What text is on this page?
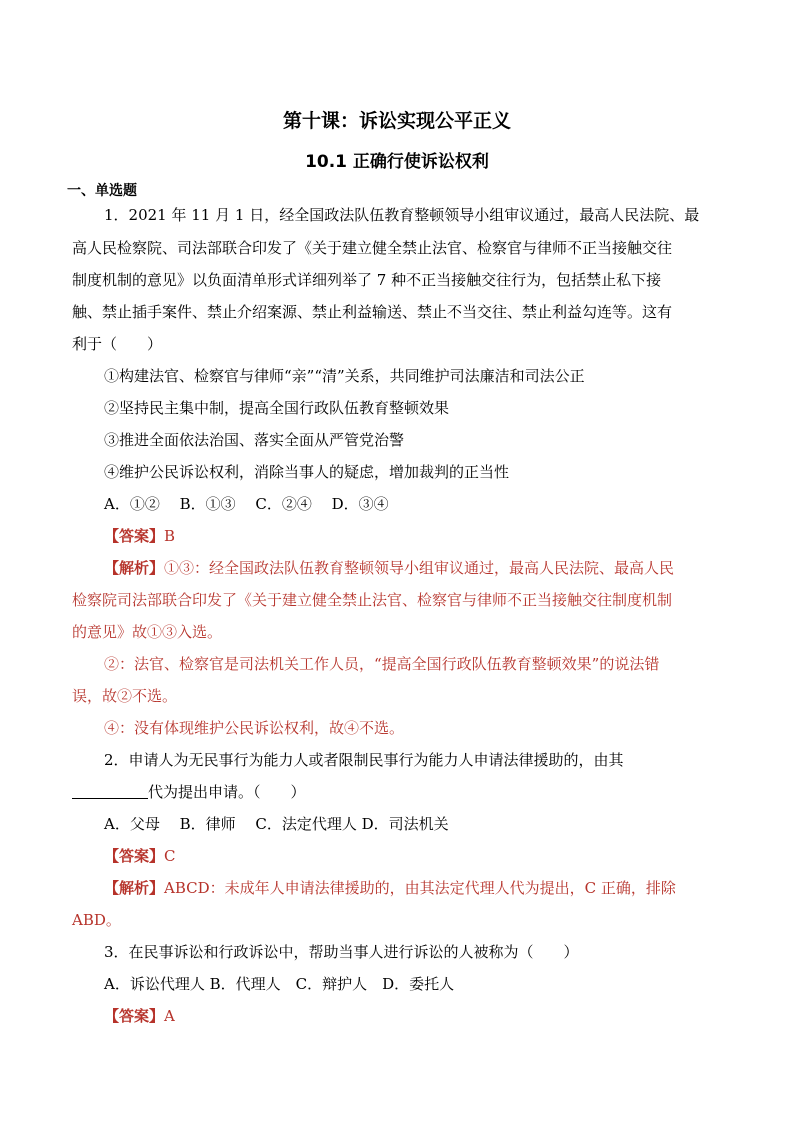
第十课：诉讼实现公平正义
10.1 正确行使诉讼权利
一、单选题
1．2021 年 11 月 1 日，经全国政法队伍教育整顿领导小组审议通过，最高人民法院、最
高人民检察院、司法部联合印发了《关于建立健全禁止法官、检察官与律师不正当接触交往
制度机制的意见》以负面清单形式详细列举了 7 种不正当接触交往行为，包括禁止私下接
触、禁止插手案件、禁止介绍案源、禁止利益输送、禁止不当交往、禁止利益勾连等。这有
利于（　　）
①构建法官、检察官与律师“亲”“清”关系，共同维护司法廉洁和司法公正
②坚持民主集中制，提高全国行政队伍教育整顿效果
③推进全面依法治国、落实全面从严管党治警
④维护公民诉讼权利，消除当事人的疑虑，增加裁判的正当性
A．①②　 B．①③　 C．②④　 D．③④
【答案】B
【解析】①③：经全国政法队伍教育整顿领导小组审议通过，最高人民法院、最高人民
检察院司法部联合印发了《关于建立健全禁止法官、检察官与律师不正当接触交往制度机制
的意见》故①③入选。
②：法官、检察官是司法机关工作人员，“提高全国行政队伍教育整顿效果”的说法错
误，故②不选。
④：没有体现维护公民诉讼权利，故④不选。
2．申请人为无民事行为能力人或者限制民事行为能力人申请法律援助的，由其
代为提出申请。（　　）
A．父母　 B．律师　 C．法定代理人 D．司法机关
【答案】C
【解析】ABCD：未成年人申请法律援助的，由其法定代理人代为提出，C 正确，排除
ABD。
3．在民事诉讼和行政诉讼中，帮助当事人进行诉讼的人被称为（　　）
A．诉讼代理人 B．代理人　C．辩护人　D．委托人
【答案】A
